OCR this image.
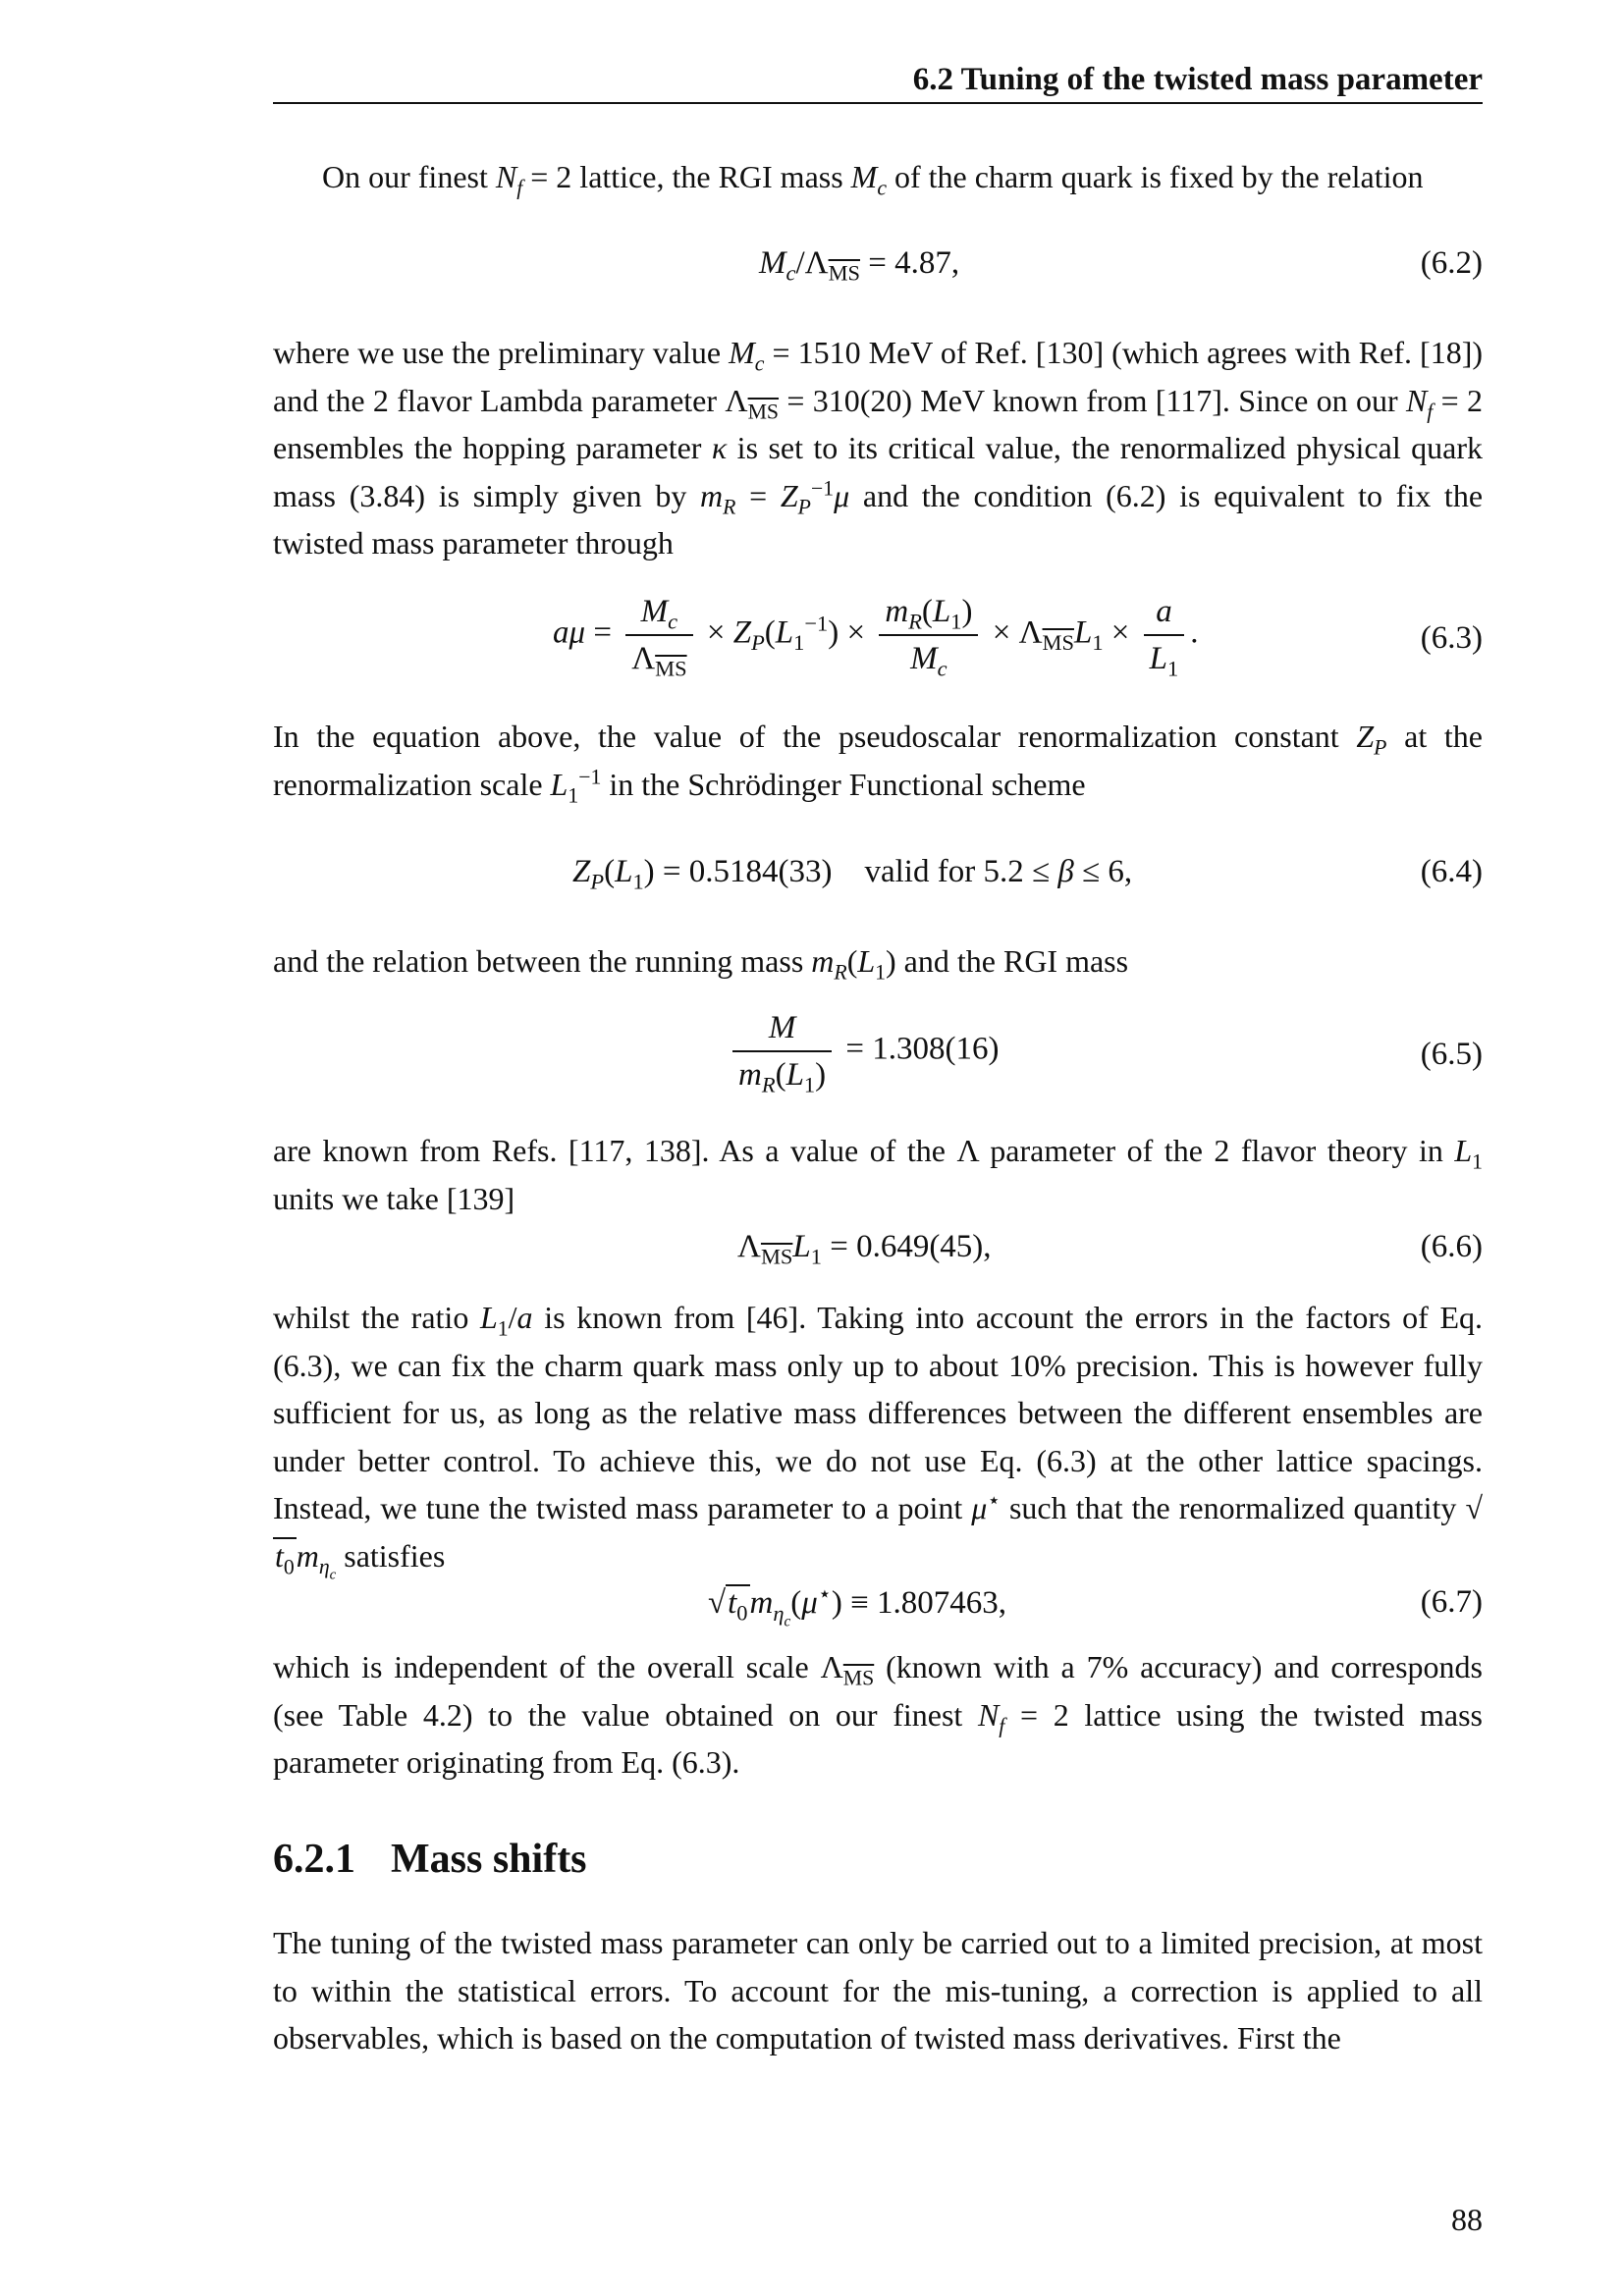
6.2 Tuning of the twisted mass parameter

On our finest $N_f = 2$ lattice, the RGI mass $M_c$ of the charm quark is fixed by the relation

$M_c/\Lambda_{\overline{MS}} = 4.87$,	(6.2)

where we use the preliminary value $M_c = 1510$ MeV of Ref. [130] (which agrees with Ref. [18]) and the 2 flavor Lambda parameter $\Lambda_{\overline{MS}} = 310(20)$ MeV known from [117]. Since on our $N_f = 2$ ensembles the hopping parameter κ is set to its critical value, the renormalized physical quark mass (3.84) is simply given by $m_R = Z_P^{-1}\mu$ and the condition (6.2) is equivalent to fix the twisted mass parameter through

$a\mu = \frac{M_c}{\Lambda_{\overline{MS}}} \times Z_P(L_1^{-1}) \times \frac{m_R(L_1)}{M_c} \times \Lambda_{\overline{MS}}L_1 \times \frac{a}{L_1}$ .	(6.3)

In the equation above, the value of the pseudoscalar renormalization constant $Z_P$ at the renormalization scale $L_1^{-1}$ in the Schrödinger Functional scheme

$Z_P(L_1) = 0.5184(33)$    valid for 5.2 ≤ β ≤ 6,	(6.4)

and the relation between the running mass $m_R(L_1)$ and the RGI mass

$\frac{M}{m_R(L_1)} = 1.308(16)$	(6.5)

are known from Refs. [117, 138]. As a value of the Λ parameter of the 2 flavor theory in $L_1$ units we take [139]

$\Lambda_{\overline{MS}}L_1 = 0.649(45)$,	(6.6)

whilst the ratio $L_1/a$ is known from [46]. Taking into account the errors in the factors of Eq. (6.3), we can fix the charm quark mass only up to about 10% precision. This is however fully sufficient for us, as long as the relative mass differences between the different ensembles are under better control. To achieve this, we do not use Eq. (6.3) at the other lattice spacings. Instead, we tune the twisted mass parameter to a point μ⋆ such that the renormalized quantity $√t_0m_{\eta_c}$ satisfies

$√t_0m_{\eta_c}(\mu^⋆) \equiv 1.807463$,	(6.7)

which is independent of the overall scale $\Lambda_{\overline{MS}}$ (known with a 7% accuracy) and corresponds (see Table 4.2) to the value obtained on our finest $N_f = 2$ lattice using the twisted mass parameter originating from Eq. (6.3).

6.2.1 Mass shifts

The tuning of the twisted mass parameter can only be carried out to a limited precision, at most to within the statistical errors. To account for the mis-tuning, a correction is applied to all observables, which is based on the computation of twisted mass derivatives. First the

88
